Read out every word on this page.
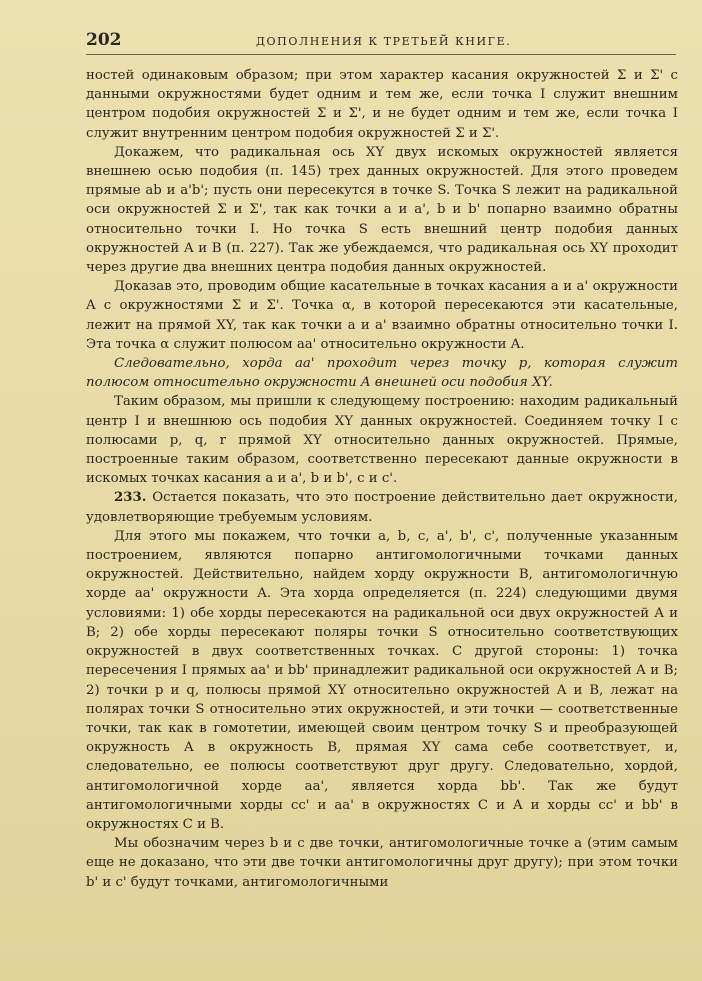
202	ДОПОЛНЕНИЯ К ТРЕТЬЕЙ КНИГЕ.

ностей одинаковым образом; при этом характер касания окружностей Σ и Σ' с данными окружностями будет одним и тем же, если точка I служит внешним центром подобия окружностей Σ и Σ', и не будет одним и тем же, если точка I служит внутренним центром подобия окружностей Σ и Σ'.

Докажем, что радикальная ось XY двух искомых окружностей является внешнею осью подобия (п. 145) трех данных окружностей. Для этого проведем прямые ab и a'b'; пусть они пересекутся в точке S. Точка S лежит на радикальной оси окружностей Σ и Σ', так как точки a и a', b и b' попарно взаимно обратны относительно точки I. Но точка S есть внешний центр подобия данных окружностей A и B (п. 227). Так же убеждаемся, что радикальная ось XY проходит через другие два внешних центра подобия данных окружностей.

Доказав это, проводим общие касательные в точках касания a и a' окружности A с окружностями Σ и Σ'. Точка α, в которой пересекаются эти касательные, лежит на прямой XY, так как точки a и a' взаимно обратны относительно точки I. Эта точка α служит полюсом aa' относительно окружности A.

Следовательно, хорда aa' проходит через точку p, которая служит полюсом относительно окружности A внешней оси подобия XY.

Таким образом, мы пришли к следующему построению: находим радикальный центр I и внешнюю ось подобия XY данных окружностей. Соединяем точку I с полюсами p, q, r прямой XY относительно данных окружностей. Прямые, построенные таким образом, соответственно пересекают данные окружности в искомых точках касания a и a', b и b', c и c'.

233. Остается показать, что это построение действительно дает окружности, удовлетворяющие требуемым условиям.

Для этого мы покажем, что точки a, b, c, a', b', c', полученные указанным построением, являются попарно антигомологичными точками данных окружностей. Действительно, найдем хорду окружности B, антигомологичную хорде aa' окружности A. Эта хорда определяется (п. 224) следующими двумя условиями: 1) обе хорды пересекаются на радикальной оси двух окружностей A и B; 2) обе хорды пересекают поляры точки S относительно соответствующих окружностей в двух соответственных точках. С другой стороны: 1) точка пересечения I прямых aa' и bb' принадлежит радикальной оси окружностей A и B; 2) точки p и q, полюсы прямой XY относительно окружностей A и B, лежат на полярах точки S относительно этих окружностей, и эти точки — соответственные точки, так как в гомотетии, имеющей своим центром точку S и преобразующей окружность A в окружность B, прямая XY сама себе соответствует, и, следовательно, ее полюсы соответствуют друг другу. Следовательно, хордой, антигомологичной хорде aa', является хорда bb'. Так же будут антигомологичными хорды cc' и aa' в окружностях C и A и хорды cc' и bb' в окружностях C и B.

Мы обозначим через b и c две точки, антигомологичные точке a (этим самым еще не доказано, что эти две точки антигомологичны друг другу); при этом точки b' и c' будут точками, антигомологичными
